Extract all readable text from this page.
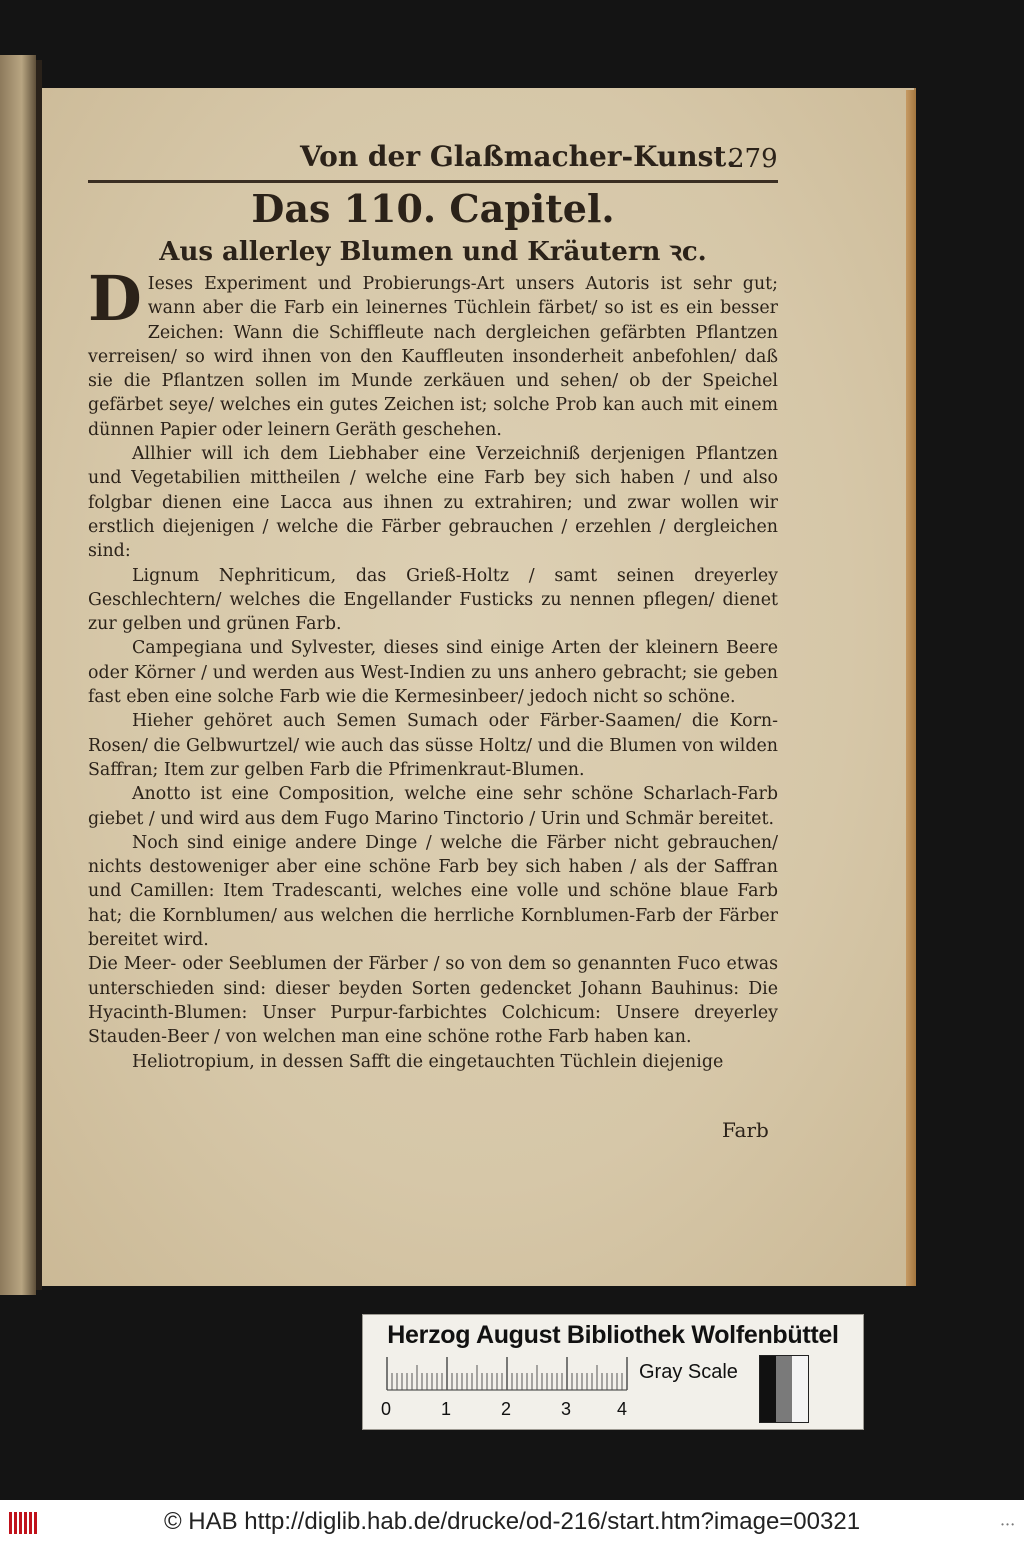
Von der Glaßmacher-Kunst.
279
Das 110. Capitel.
Aus allerley Blumen und Kräutern ꝛc.

D Ieses Experiment und Probierungs-Art unsers Autoris ist sehr gut; wann aber die Farb ein leinernes Tüchlein färbet/ so ist es ein besser Zeichen: Wann die Schiffleute nach dergleichen gefärbten Pflantzen verreisen/ so wird ihnen von den Kauffleuten insonderheit anbefohlen/ daß sie die Pflantzen sollen im Munde zerkäuen und sehen/ ob der Speichel gefärbet seye/ welches ein gutes Zeichen ist; solche Prob kan auch mit einem dünnen Papier oder leinern Geräth geschehen.

Allhier will ich dem Liebhaber eine Verzeichniß derjenigen Pflantzen und Vegetabilien mittheilen / welche eine Farb bey sich haben / und also folgbar dienen eine Lacca aus ihnen zu extrahiren; und zwar wollen wir erstlich diejenigen / welche die Färber gebrauchen / erzehlen / dergleichen sind:

Lignum Nephriticum, das Grieß-Holtz / samt seinen dreyerley Geschlechtern/ welches die Engellander Fusticks zu nennen pflegen/ dienet zur gelben und grünen Farb.

Campegiana und Sylvester, dieses sind einige Arten der kleinern Beere oder Körner / und werden aus West-Indien zu uns anhero gebracht; sie geben fast eben eine solche Farb wie die Kermesinbeer/ jedoch nicht so schöne.

Hieher gehöret auch Semen Sumach oder Färber-Saamen/ die Korn-Rosen/ die Gelbwurtzel/ wie auch das süsse Holtz/ und die Blumen von wilden Saffran; Item zur gelben Farb die Pfrimenkraut-Blumen.

Anotto ist eine Composition, welche eine sehr schöne Scharlach-Farb giebet / und wird aus dem Fugo Marino Tinctorio / Urin und Schmär bereitet.

Noch sind einige andere Dinge / welche die Färber nicht gebrauchen/ nichts destoweniger aber eine schöne Farb bey sich haben / als der Saffran und Camillen: Item Tradescanti, welches eine volle und schöne blaue Farb hat; die Kornblumen/ aus welchen die herrliche Kornblumen-Farb der Färber bereitet wird.

Die Meer- oder Seeblumen der Färber / so von dem so genannten Fuco etwas unterschieden sind: dieser beyden Sorten gedencket Johann Bauhinus: Die Hyacinth-Blumen: Unser Purpur-farbichtes Colchicum: Unsere dreyerley Stauden-Beer / von welchen man eine schöne rothe Farb haben kan.

Heliotropium, in dessen Safft die eingetauchten Tüchlein diejenige

Farb
Herzog August Bibliothek Wolfenbüttel
0	1	2	3	4
Gray Scale
© HAB http://diglib.hab.de/drucke/od-216/start.htm?image=00321	• • •
